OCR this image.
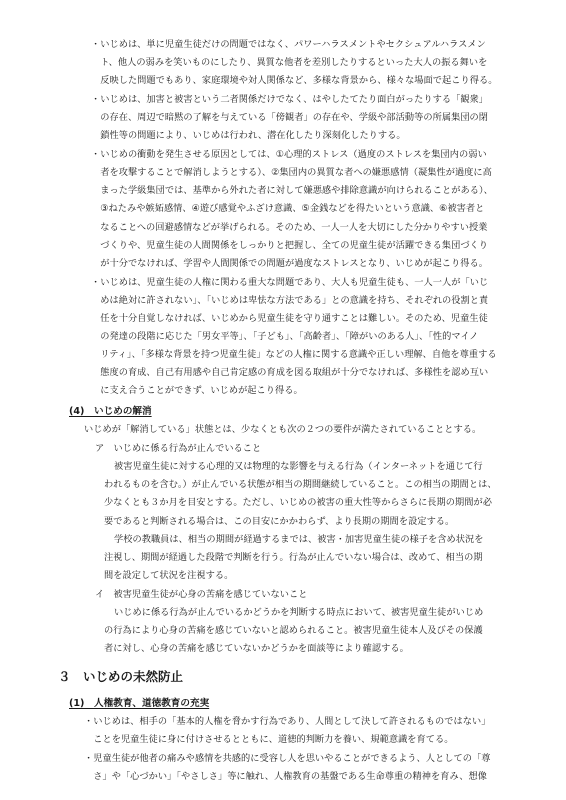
・いじめは、単に児童生徒だけの問題ではなく、パワーハラスメントやセクシュアルハラスメン
　ト、他人の弱みを笑いものにしたり、異質な他者を差別したりするといった大人の振る舞いを
　反映した問題でもあり、家庭環境や対人関係など、多様な背景から、様々な場面で起こり得る。
・いじめは、加害と被害という二者関係だけでなく、はやしたてたり面白がったりする「観衆」
　の存在、周辺で暗黙の了解を与えている「傍観者」の存在や、学級や部活動等の所属集団の閉
　鎖性等の問題により、いじめは行われ、潜在化したり深刻化したりする。
・いじめの衝動を発生させる原因としては、①心理的ストレス（過度のストレスを集団内の弱い
　者を攻撃することで解消しようとする）、②集団内の異質な者への嫌悪感情（凝集性が過度に高
　まった学級集団では、基準から外れた者に対して嫌悪感や排除意識が向けられることがある）、
　③ねたみや嫉妬感情、④遊び感覚やふざけ意識、⑤金銭などを得たいという意識、⑥被害者と
　なることへの回避感情などが挙げられる。そのため、一人一人を大切にした分かりやすい授業
　づくりや、児童生徒の人間関係をしっかりと把握し、全ての児童生徒が活躍できる集団づくり
　が十分でなければ、学習や人間関係での問題が過度なストレスとなり、いじめが起こり得る。
・いじめは、児童生徒の人権に関わる重大な問題であり、大人も児童生徒も、一人一人が「いじ
　めは絶対に許されない」、「いじめは卑怯な方法である」との意識を持ち、それぞれの役割と責
　任を十分自覚しなければ、いじめから児童生徒を守り通すことは難しい。そのため、児童生徒
　の発達の段階に応じた「男女平等」、「子ども」、「高齢者」、「障がいのある人」、「性的マイノ
　リティ」、「多様な背景を持つ児童生徒」などの人権に関する意識や正しい理解、自他を尊重する
　態度の育成、自己有用感や自己肯定感の育成を図る取組が十分でなければ、多様性を認め互い
　に支え合うことができず、いじめが起こり得る。
(4)　いじめの解消
いじめが「解消している」状態とは、少なくとも次の２つの要件が満たされていることとする。
ア　いじめに係る行為が止んでいること
被害児童生徒に対する心理的又は物理的な影響を与える行為（インターネットを通じて行
われるものを含む。）が止んでいる状態が相当の期間継続していること。この相当の期間とは、
少なくとも３か月を目安とする。ただし、いじめの被害の重大性等からさらに長期の期間が必
要であると判断される場合は、この目安にかかわらず、より長期の期間を設定する。
学校の教職員は、相当の期間が経過するまでは、被害・加害児童生徒の様子を含め状況を
注視し、期間が経過した段階で判断を行う。行為が止んでいない場合は、改めて、相当の期
間を設定して状況を注視する。
イ　被害児童生徒が心身の苦痛を感じていないこと
いじめに係る行為が止んでいるかどうかを判断する時点において、被害児童生徒がいじめ
の行為により心身の苦痛を感じていないと認められること。被害児童生徒本人及びその保護
者に対し、心身の苦痛を感じていないかどうかを面談等により確認する。
３　いじめの未然防止
(1)　人権教育、道徳教育の充実
・いじめは、相手の「基本的人権を脅かす行為であり、人間として決して許されるものではない」
　ことを児童生徒に身に付けさせるとともに、道徳的判断力を養い、規範意識を育てる。
・児童生徒が他者の痛みや感情を共感的に受容し人を思いやることができるよう、人としての「尊
　さ」や「心づかい」「やさしさ」等に触れ、人権教育の基盤である生命尊重の精神を育み、想像
